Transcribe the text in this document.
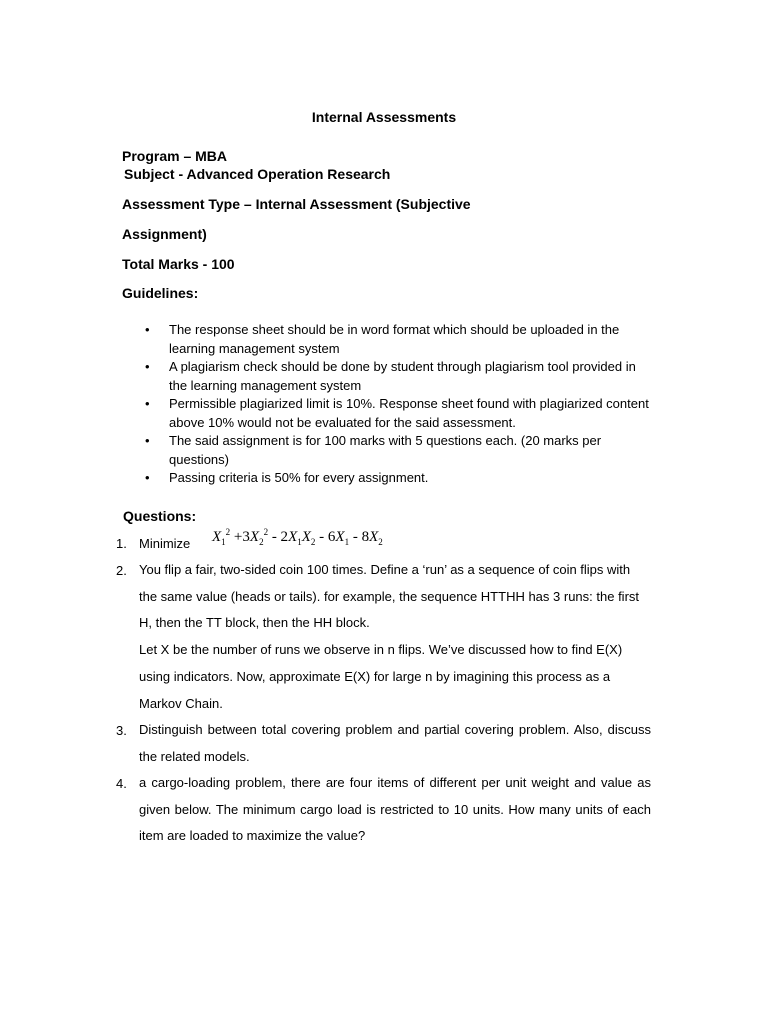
Internal Assessments
Program – MBA
Subject - Advanced Operation Research
Assessment Type – Internal Assessment (Subjective
Assignment)
Total Marks - 100
Guidelines:

• The response sheet should be in word format which should be uploaded in the learning management system

• A plagiarism check should be done by student through plagiarism tool provided in the learning management system

• Permissible plagiarized limit is 10%. Response sheet found with plagiarized content above 10% would not be evaluated for the said assessment.

• The said assignment is for 100 marks with 5 questions each. (20 marks per questions)

• Passing criteria is 50% for every assignment.

Questions:
1. Minimize $X_1^2 +3X_2^2 - 2X_1X_2 - 6X_1 - 8X_2$
2. You flip a fair, two-sided coin 100 times. Define a ‘run’ as a sequence of coin flips with the same value (heads or tails). for example, the sequence HTTHH has 3 runs: the first H, then the TT block, then the HH block.
Let X be the number of runs we observe in n flips. We’ve discussed how to find E(X) using indicators. Now, approximate E(X) for large n by imagining this process as a Markov Chain.
3. Distinguish between total covering problem and partial covering problem. Also, discuss the related models.
4. a cargo-loading problem, there are four items of different per unit weight and value as given below. The minimum cargo load is restricted to 10 units. How many units of each item are loaded to maximize the value?
